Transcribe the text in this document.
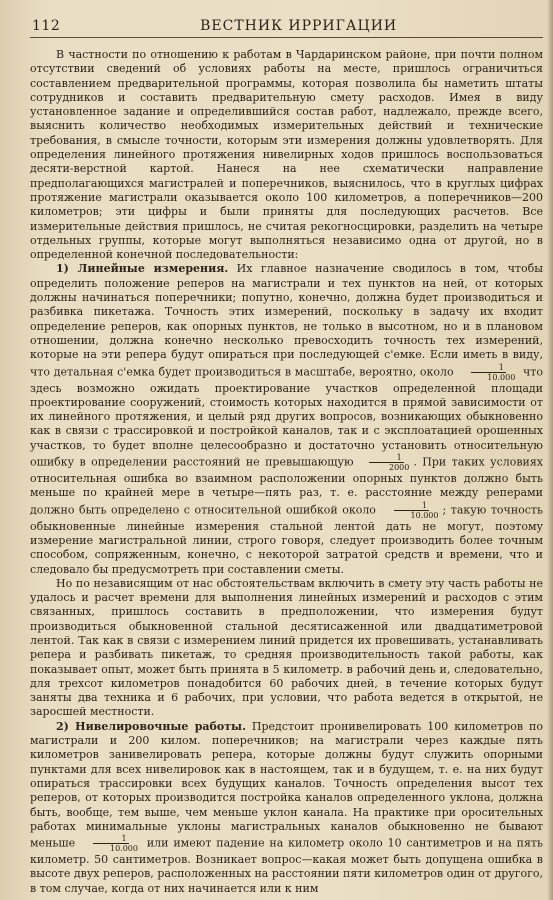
112	ВЕСТНИК ИРРИГАЦИИ

В частности по отношению к работам в Чардаринском районе, при почти полном отсутствии сведений об условиях работы на месте, пришлось ограничиться составлением предварительной программы, которая позволила бы наметить штаты сотрудников и составить предварительную смету расходов. Имея в виду установленное задание и определившийся состав работ, надлежало, прежде всего, выяснить количество необходимых измерительных действий и технические требования, в смысле точности, которым эти измерения должны удовлетворять. Для определения линейного протяжения нивелирных ходов пришлось воспользоваться десяти-верстной картой. Нанеся на нее схематически направление предполагающихся магистралей и поперечников, выяснилось, что в круглых цифрах протяжение магистрали оказывается около 100 километров, а поперечников—200 километров; эти цифры и были приняты для последующих расчетов. Все измерительные действия пришлось, не считая рекогносцировки, разделить на четыре отдельных группы, которые могут выполняться независимо одна от другой, но в определенной конечной последовательности:

1) Линейные измерения. Их главное назначение сводилось в том, чтобы определить положение реперов на магистрали и тех пунктов на ней, от которых должны начинаться поперечники; попутно, конечно, должна будет производиться и разбивка пикетажа. Точность этих измерений, поскольку в задачу их входит определение реперов, как опорных пунктов, не только в высотном, но и в плановом отношении, должна конечно несколько превосходить точность тех измерений, которые на эти репера будут опираться при последующей с'емке. Если иметь в виду, что детальная с'емка будет производиться в масштабе, вероятно, около $\frac{1}{10.000}$ что здесь возможно ожидать проектирование участков определенной площади проектирование сооружений, стоимость которых находится в прямой зависимости от их линейного протяжения, и целый ряд других вопросов, возникающих обыкновенно как в связи с трассировкой и постройкой каналов, так и с эксплоатацией орошенных участков, то будет вполне целесообразно и достаточно установить относительную ошибку в определении расстояний не превышающую $\frac{1}{2000}$ . При таких условиях относительная ошибка во взаимном расположении опорных пунктов должно быть меньше по крайней мере в четыре—пять раз, т. е. расстояние между реперами должно быть определено с относительной ошибкой около $\frac{1}{10.000}$ ; такую точность обыкновенные линейные измерения стальной лентой дать не могут, поэтому измерение магистральной линии, строго говоря, следует производить более точным способом, сопряженным, конечно, с некоторой затратой средств и времени, что и следовало бы предусмотреть при составлении сметы.

Но по независящим от нас обстоятельствам включить в смету эту часть работы не удалось и расчет времени для выполнения линейных измерений и расходов с этим связанных, пришлось составить в предположении, что измерения будут производиться обыкновенной стальной десятисаженной или двадцатиметровой лентой. Так как в связи с измерением линий придется их провешивать, устанавливать репера и разбивать пикетаж, то средняя производительность такой работы, как показывает опыт, может быть принята в 5 километр. в рабочий день и, следовательно, для трехсот километров понадобится 60 рабочих дней, в течение которых будут заняты два техника и 6 рабочих, при условии, что работа ведется в открытой, не заросшей местности.

2) Нивелировочные работы. Предстоит пронивелировать 100 километров по магистрали и 200 килом. поперечников; на магистрали через каждые пять километров занивелировать репера, которые должны будут служить опорными пунктами для всех нивелировок как в настоящем, так и в будущем, т. е. на них будут опираться трассировки всех будущих каналов. Точность определения высот тех реперов, от которых производится постройка каналов определенного уклона, должна быть, вообще, тем выше, чем меньше уклон канала. На практике при оросительных работах минимальные уклоны магистральных каналов обыкновенно не бывают меньше $\frac{1}{10.000}$ или имеют падение на километр около 10 сантиметров и на пять километр. 50 сантиметров. Возникает вопрос—какая может быть допущена ошибка в высоте двух реперов, расположенных на расстоянии пяти километров один от другого, в том случае, когда от них начинается или к ним
